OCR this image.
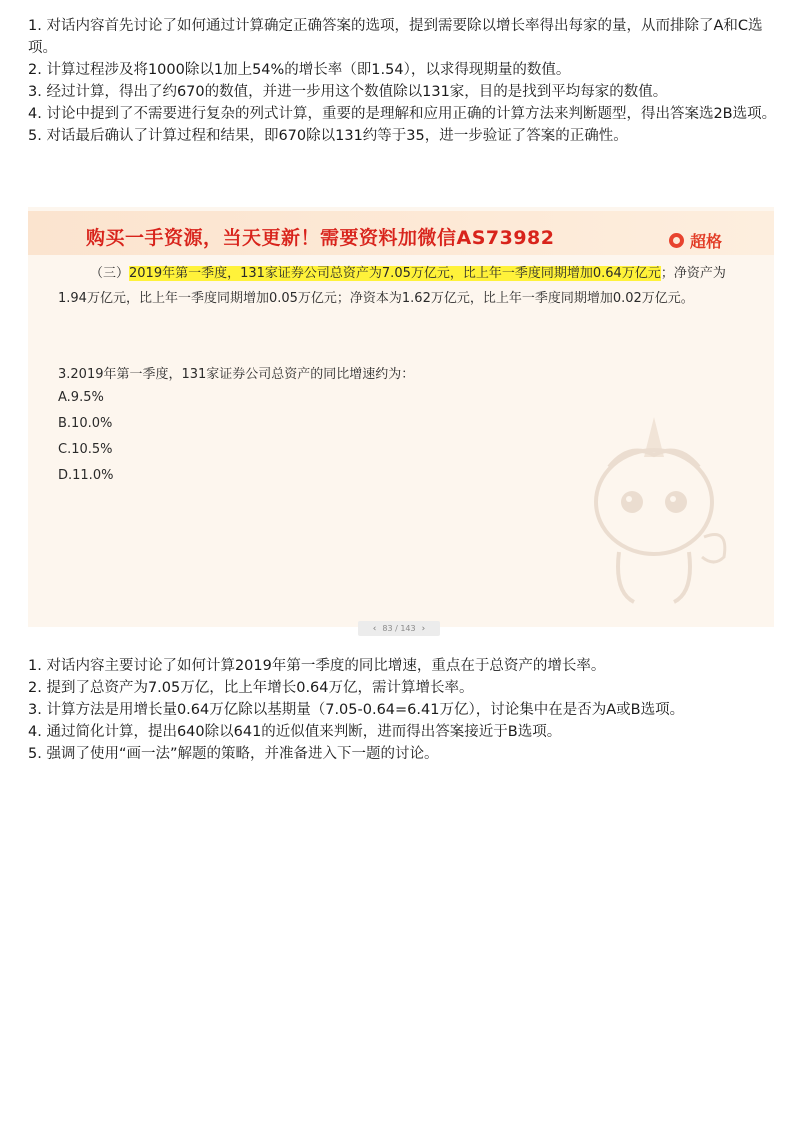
1. 对话内容首先讨论了如何通过计算确定正确答案的选项，提到需要除以增长率得出每家的量，从而排除了A和C选项。
2. 计算过程涉及将1000除以1加上54%的增长率（即1.54），以求得现期量的数值。
3. 经过计算，得出了约670的数值，并进一步用这个数值除以131家，目的是找到平均每家的数值。
4. 讨论中提到了不需要进行复杂的列式计算，重要的是理解和应用正确的计算方法来判断题型，得出答案选2B选项。
5. 对话最后确认了计算过程和结果，即670除以131约等于35，进一步验证了答案的正确性。
购买一手资源，当天更新！需要资料加微信AS73982	超格

（三）2019年第一季度，131家证券公司总资产为7.05万亿元，比上年一季度同期增加0.64万亿元；净资产为1.94万亿元，比上年一季度同期增加0.05万亿元；净资本为1.62万亿元，比上年一季度同期增加0.02万亿元。

3.2019年第一季度，131家证券公司总资产的同比增速约为：
A.9.5%
B.10.0%
C.10.5%
D.11.0%
‹ 83 / 143 ›
1. 对话内容主要讨论了如何计算2019年第一季度的同比增速，重点在于总资产的增长率。
2. 提到了总资产为7.05万亿，比上年增长0.64万亿，需计算增长率。
3. 计算方法是用增长量0.64万亿除以基期量（7.05-0.64=6.41万亿），讨论集中在是否为A或B选项。
4. 通过简化计算，提出640除以641的近似值来判断，进而得出答案接近于B选项。
5. 强调了使用“画一法”解题的策略，并准备进入下一题的讨论。
